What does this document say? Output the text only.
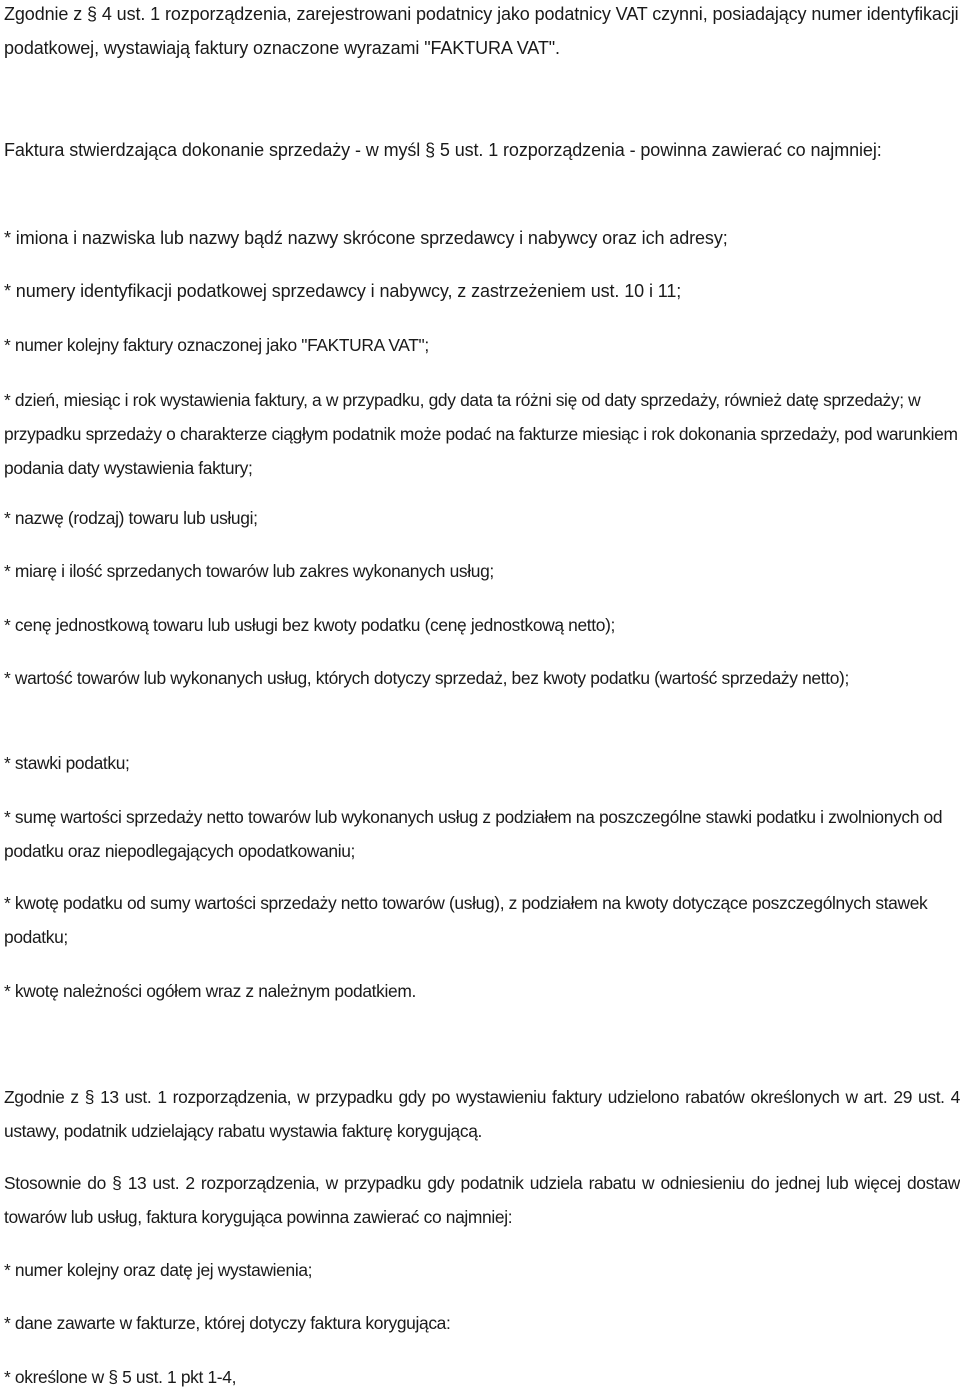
Zgodnie z § 4 ust. 1 rozporządzenia, zarejestrowani podatnicy jako podatnicy VAT czynni, posiadający numer identyfikacji podatkowej, wystawiają faktury oznaczone wyrazami "FAKTURA VAT".

Faktura stwierdzająca dokonanie sprzedaży - w myśl § 5 ust. 1 rozporządzenia - powinna zawierać co najmniej:

* imiona i nazwiska lub nazwy bądź nazwy skrócone sprzedawcy i nabywcy oraz ich adresy;

* numery identyfikacji podatkowej sprzedawcy i nabywcy, z zastrzeżeniem ust. 10 i 11;

* numer kolejny faktury oznaczonej jako "FAKTURA VAT";

* dzień, miesiąc i rok wystawienia faktury, a w przypadku, gdy data ta różni się od daty sprzedaży, również datę sprzedaży; w przypadku sprzedaży o charakterze ciągłym podatnik może podać na fakturze miesiąc i rok dokonania sprzedaży, pod warunkiem podania daty wystawienia faktury;

* nazwę (rodzaj) towaru lub usługi;

* miarę i ilość sprzedanych towarów lub zakres wykonanych usług;

* cenę jednostkową towaru lub usługi bez kwoty podatku (cenę jednostkową netto);

* wartość towarów lub wykonanych usług, których dotyczy sprzedaż, bez kwoty podatku (wartość sprzedaży netto);

* stawki podatku;

* sumę wartości sprzedaży netto towarów lub wykonanych usług z podziałem na poszczególne stawki podatku i zwolnionych od podatku oraz niepodlegających opodatkowaniu;

* kwotę podatku od sumy wartości sprzedaży netto towarów (usług), z podziałem na kwoty dotyczące poszczególnych stawek podatku;

* kwotę należności ogółem wraz z należnym podatkiem.

Zgodnie z § 13 ust. 1 rozporządzenia, w przypadku gdy po wystawieniu faktury udzielono rabatów określonych w art. 29 ust. 4 ustawy, podatnik udzielający rabatu wystawia fakturę korygującą.

Stosownie do § 13 ust. 2 rozporządzenia, w przypadku gdy podatnik udziela rabatu w odniesieniu do jednej lub więcej dostaw towarów lub usług, faktura korygująca powinna zawierać co najmniej:

* numer kolejny oraz datę jej wystawienia;

* dane zawarte w fakturze, której dotyczy faktura korygująca:

* określone w § 5 ust. 1 pkt 1-4,
